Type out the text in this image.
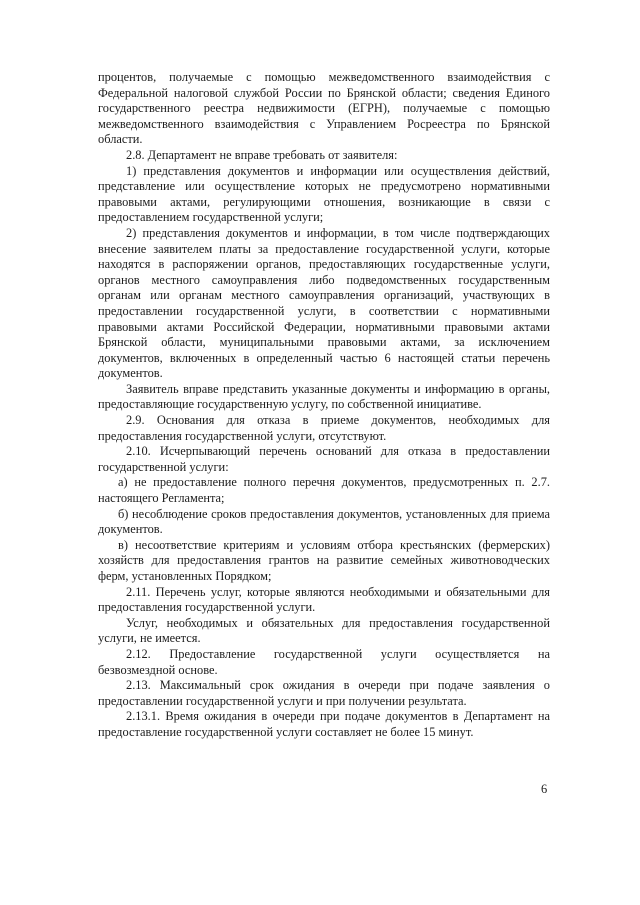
процентов, получаемые с помощью межведомственного взаимодействия с Федеральной налоговой службой России по Брянской области; сведения Единого государственного реестра недвижимости (ЕГРН), получаемые с помощью межведомственного взаимодействия с Управлением Росреестра по Брянской области.

2.8. Департамент не вправе требовать от заявителя:

1) представления документов и информации или осуществления действий, представление или осуществление которых не предусмотрено нормативными правовыми актами, регулирующими отношения, возникающие в связи с предоставлением государственной услуги;

2) представления документов и информации, в том числе подтверждающих внесение заявителем платы за предоставление государственной услуги, которые находятся в распоряжении органов, предоставляющих государственные услуги, органов местного самоуправления либо подведомственных государственным органам или органам местного самоуправления организаций, участвующих в предоставлении государственной услуги, в соответствии с нормативными правовыми актами Российской Федерации, нормативными правовыми актами Брянской области, муниципальными правовыми актами, за исключением документов, включенных в определенный частью 6 настоящей статьи перечень документов.

Заявитель вправе представить указанные документы и информацию в органы, предоставляющие государственную услугу, по собственной инициативе.

2.9. Основания для отказа в приеме документов, необходимых для предоставления государственной услуги, отсутствуют.

2.10. Исчерпывающий перечень оснований для отказа в предоставлении государственной услуги:

а) не предоставление полного перечня документов, предусмотренных п. 2.7. настоящего Регламента;

б) несоблюдение сроков предоставления документов, установленных для приема документов.

в) несоответствие критериям и условиям отбора крестьянских (фермерских) хозяйств для предоставления грантов на развитие семейных животноводческих ферм, установленных Порядком;

2.11. Перечень услуг, которые являются необходимыми и обязательными для предоставления государственной услуги.

Услуг, необходимых и обязательных для предоставления государственной услуги, не имеется.

2.12. Предоставление государственной услуги осуществляется на безвозмездной основе.

2.13. Максимальный срок ожидания в очереди при подаче заявления о предоставлении государственной услуги и при получении результата.

2.13.1. Время ожидания в очереди при подаче документов в Департамент на предоставление государственной услуги составляет не более 15 минут.

6
